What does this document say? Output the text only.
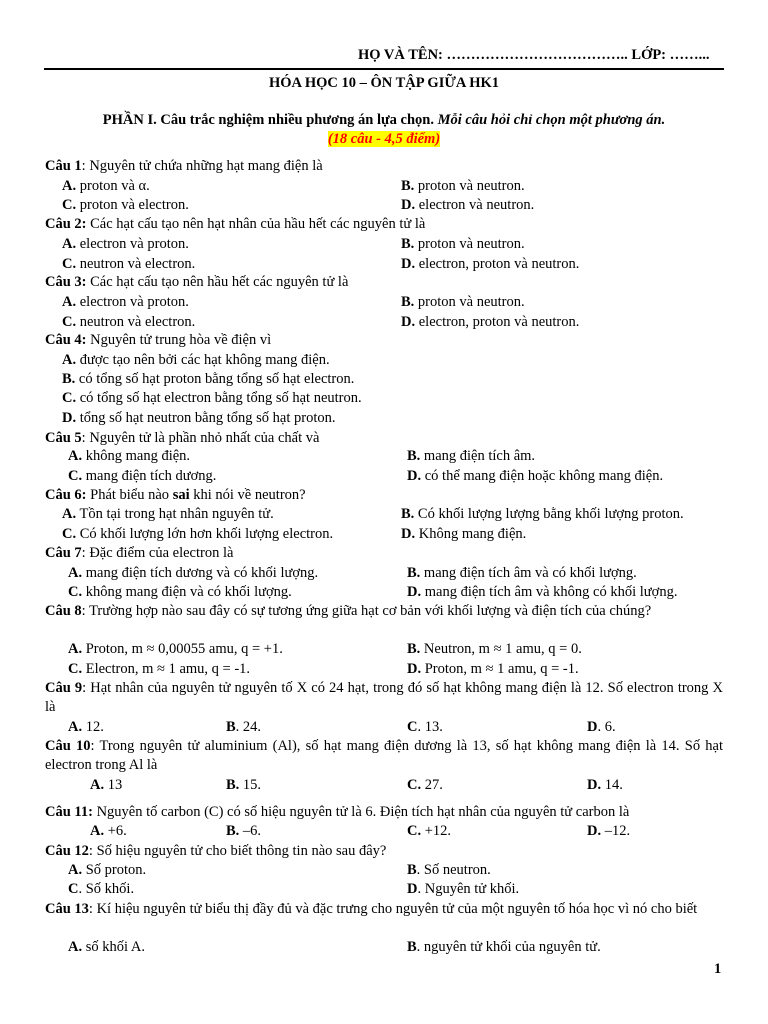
HỌ VÀ TÊN: ……………………………….. LỚP: ……...
HÓA HỌC 10 – ÔN TẬP GIỮA HK1
PHẦN I. Câu trắc nghiệm nhiều phương án lựa chọn. Mỗi câu hỏi chỉ chọn một phương án.
(18 câu - 4,5 điểm)
Câu 1: Nguyên tử chứa những hạt mang điện là
A. proton và α.	B. proton và neutron.
C. proton và electron.	D. electron và neutron.
Câu 2: Các hạt cấu tạo nên hạt nhân của hầu hết các nguyên tử là
A. electron và proton.	B. proton và neutron.
C. neutron và electron.	D. electron, proton và neutron.
Câu 3: Các hạt cấu tạo nên hầu hết các nguyên tử là
A. electron và proton.	B. proton và neutron.
C. neutron và electron.	D. electron, proton và neutron.
Câu 4: Nguyên tử trung hòa về điện vì
A. được tạo nên bởi các hạt không mang điện.
B. có tổng số hạt proton bằng tổng số hạt electron.
C. có tổng số hạt electron bằng tổng số hạt neutron.
D. tổng số hạt neutron bằng tổng số hạt proton.
Câu 5: Nguyên tử là phần nhỏ nhất của chất và
A. không mang điện.	B. mang điện tích âm.
C. mang điện tích dương.	D. có thể mang điện hoặc không mang điện.
Câu 6: Phát biểu nào sai khi nói về neutron?
A. Tồn tại trong hạt nhân nguyên tử.	B. Có khối lượng lượng bằng khối lượng proton.
C. Có khối lượng lớn hơn khối lượng electron.	D. Không mang điện.
Câu 7: Đặc điểm của electron là
A. mang điện tích dương và có khối lượng.	B. mang điện tích âm và có khối lượng.
C. không mang điện và có khối lượng.	D. mang điện tích âm và không có khối lượng.
Câu 8: Trường hợp nào sau đây có sự tương ứng giữa hạt cơ bản với khối lượng và điện tích của chúng?
A. Proton, m ≈ 0,00055 amu, q = +1.	B. Neutron, m ≈ 1 amu, q = 0.
C. Electron, m ≈ 1 amu, q = -1.	D. Proton, m ≈ 1 amu, q = -1.
Câu 9: Hạt nhân của nguyên tử nguyên tố X có 24 hạt, trong đó số hạt không mang điện là 12. Số electron trong X là
A. 12.	B. 24.	C. 13.	D. 6.
Câu 10: Trong nguyên tử aluminium (Al), số hạt mang điện dương là 13, số hạt không mang điện là 14. Số hạt electron trong Al là
A. 13	B. 15.	C. 27.	D. 14.
Câu 11: Nguyên tố carbon (C) có số hiệu nguyên tử là 6. Điện tích hạt nhân của nguyên tử carbon là
A. +6.	B. –6.	C. +12.	D. –12.
Câu 12: Số hiệu nguyên tử cho biết thông tin nào sau đây?
A. Số proton.	B. Số neutron.
C. Số khối.	D. Nguyên tử khối.
Câu 13: Kí hiệu nguyên tử biểu thị đầy đủ và đặc trưng cho nguyên tử của một nguyên tố hóa học vì nó cho biết
A. số khối A.	B. nguyên tử khối của nguyên tử.
1
